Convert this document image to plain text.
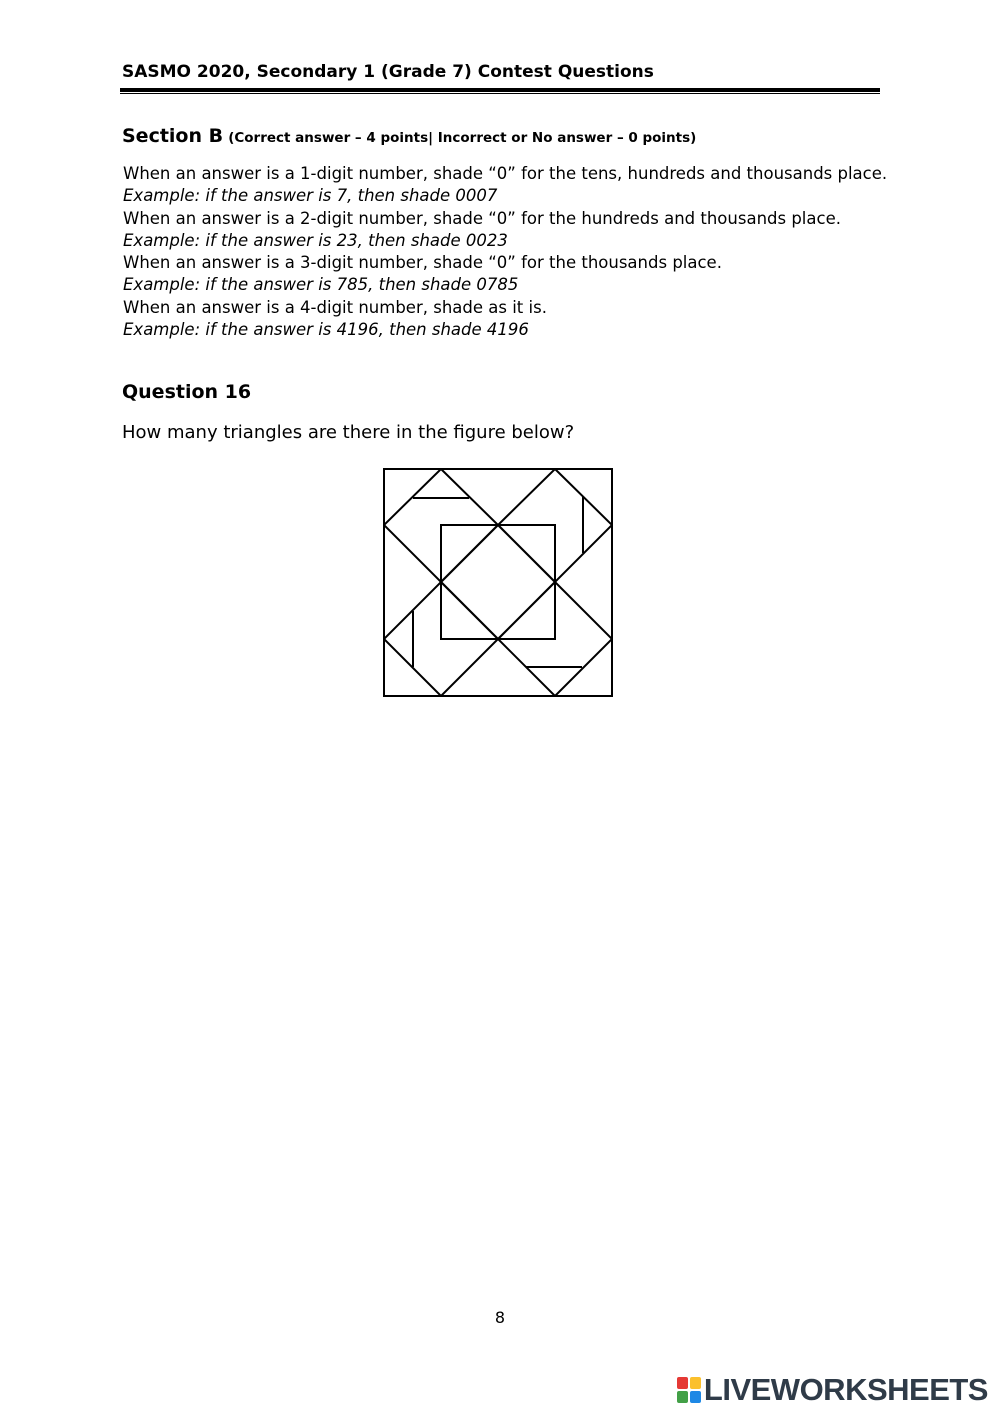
SASMO 2020, Secondary 1 (Grade 7) Contest Questions
Section B (Correct answer – 4 points| Incorrect or No answer – 0 points)
When an answer is a 1-digit number, shade “0” for the tens, hundreds and thousands place.
Example: if the answer is 7, then shade 0007
When an answer is a 2-digit number, shade “0” for the hundreds and thousands place.
Example: if the answer is 23, then shade 0023
When an answer is a 3-digit number, shade “0” for the thousands place.
Example: if the answer is 785, then shade 0785
When an answer is a 4-digit number, shade as it is.
Example: if the answer is 4196, then shade 4196
Question 16
How many triangles are there in the figure below?
8
LIVEWORKSHEETS
